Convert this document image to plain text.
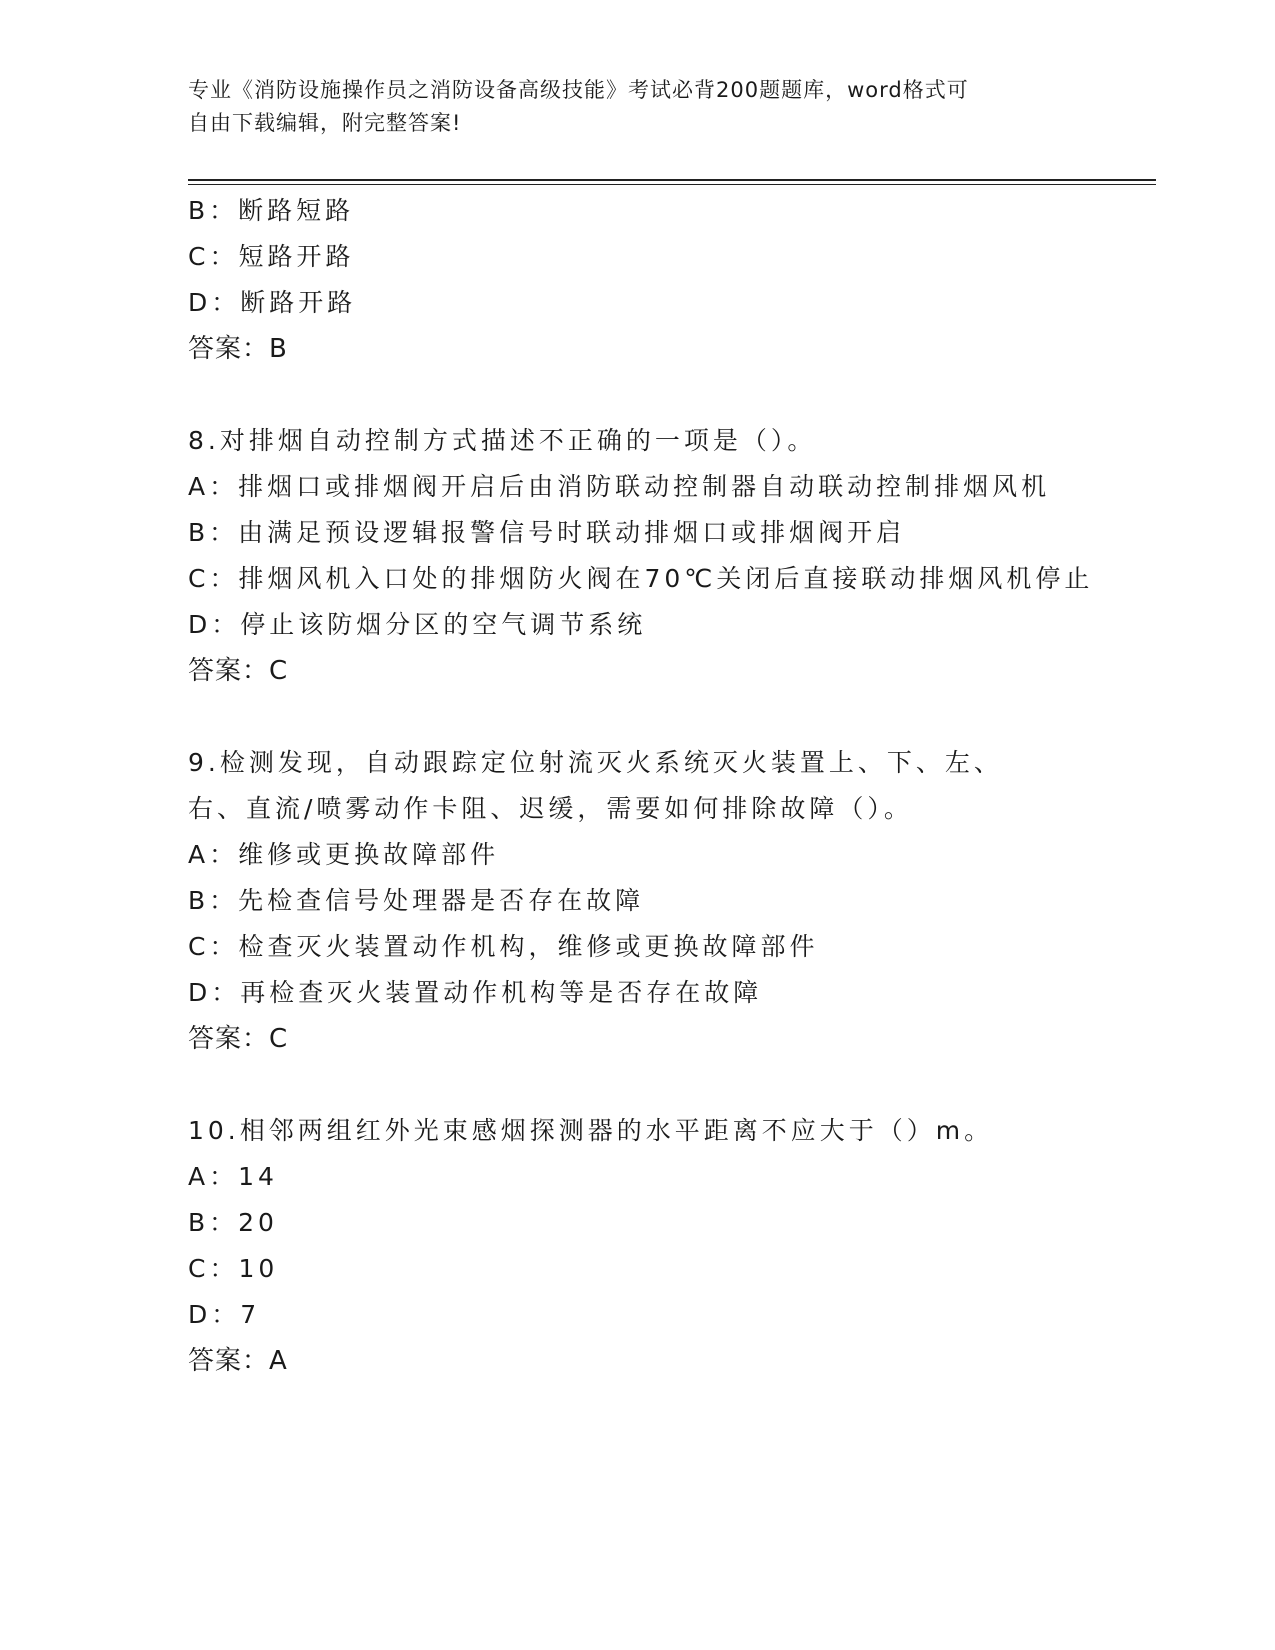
专业《消防设施操作员之消防设备高级技能》考试必背200题题库，word格式可
自由下载编辑，附完整答案!
B：断路短路
C：短路开路
D：断路开路
答案：B
8.对排烟自动控制方式描述不正确的一项是（）。
A：排烟口或排烟阀开启后由消防联动控制器自动联动控制排烟风机
B：由满足预设逻辑报警信号时联动排烟口或排烟阀开启
C：排烟风机入口处的排烟防火阀在70℃关闭后直接联动排烟风机停止
D：停止该防烟分区的空气调节系统
答案：C
9.检测发现，自动跟踪定位射流灭火系统灭火装置上、下、左、右、直流/喷雾动作卡阻、迟缓，需要如何排除故障（）。
A：维修或更换故障部件
B：先检查信号处理器是否存在故障
C：检查灭火装置动作机构，维修或更换故障部件
D：再检查灭火装置动作机构等是否存在故障
答案：C
10.相邻两组红外光束感烟探测器的水平距离不应大于（）m。
A：14
B：20
C：10
D：7
答案：A
